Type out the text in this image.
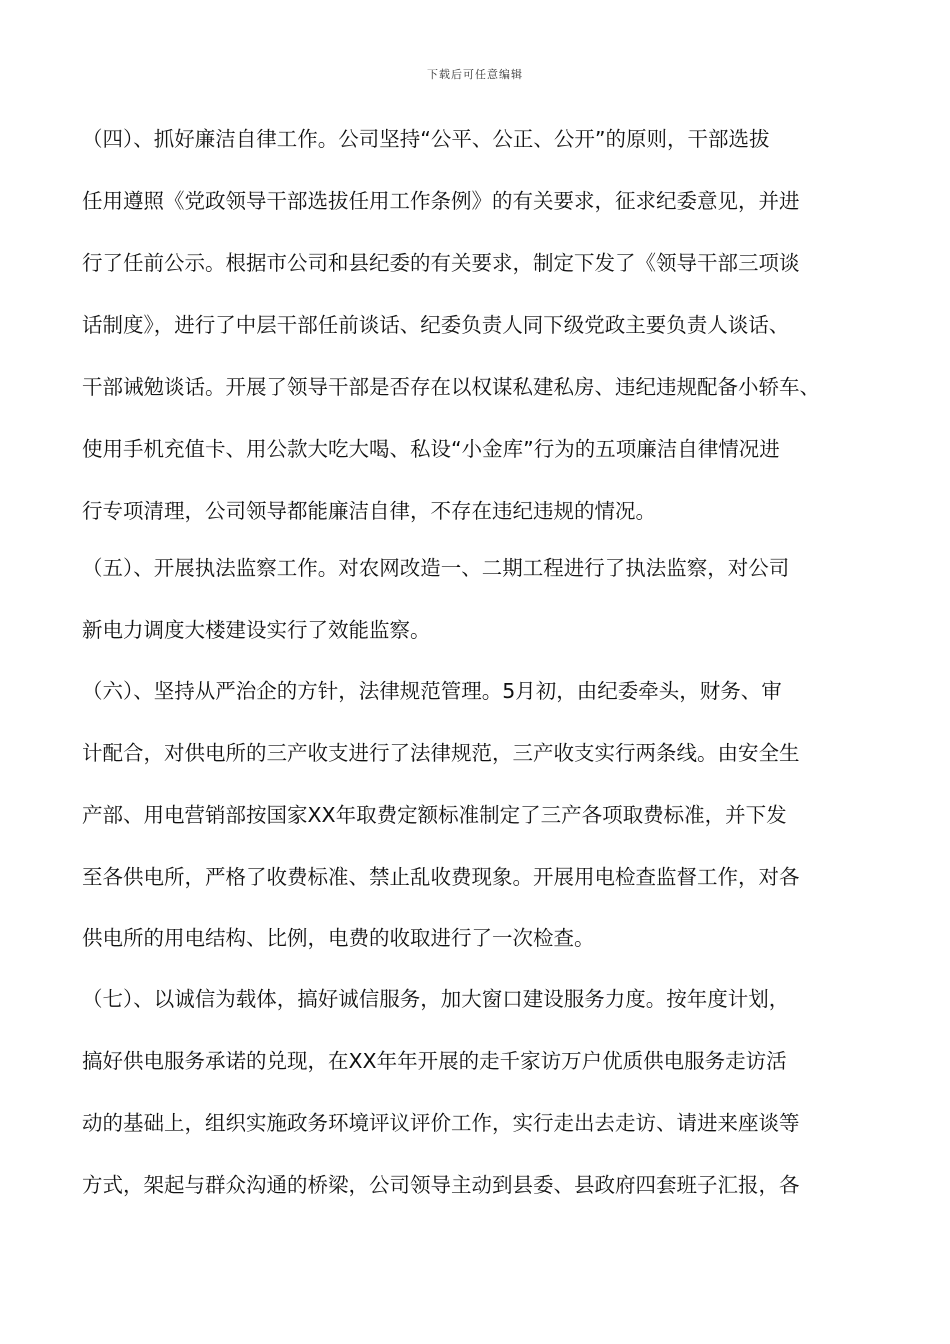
下载后可任意编辑
（四）、抓好廉洁自律工作。公司坚持“公平、公正、公开”的原则，干部选拔
任用遵照《党政领导干部选拔任用工作条例》的有关要求，征求纪委意见，并进
行了任前公示。根据市公司和县纪委的有关要求，制定下发了《领导干部三项谈
话制度》，进行了中层干部任前谈话、纪委负责人同下级党政主要负责人谈话、
干部诫勉谈话。开展了领导干部是否存在以权谋私建私房、违纪违规配备小轿车、
使用手机充值卡、用公款大吃大喝、私设“小金库”行为的五项廉洁自律情况进
行专项清理，公司领导都能廉洁自律，不存在违纪违规的情况。
（五）、开展执法监察工作。对农网改造一、二期工程进行了执法监察，对公司
新电力调度大楼建设实行了效能监察。
（六）、坚持从严治企的方针，法律规范管理。5月初，由纪委牵头，财务、审
计配合，对供电所的三产收支进行了法律规范，三产收支实行两条线。由安全生
产部、用电营销部按国家XX年取费定额标准制定了三产各项取费标准，并下发
至各供电所，严格了收费标准、禁止乱收费现象。开展用电检查监督工作，对各
供电所的用电结构、比例，电费的收取进行了一次检查。
（七）、以诚信为载体，搞好诚信服务，加大窗口建设服务力度。按年度计划，
搞好供电服务承诺的兑现，在XX年年开展的走千家访万户优质供电服务走访活
动的基础上，组织实施政务环境评议评价工作，实行走出去走访、请进来座谈等
方式，架起与群众沟通的桥梁，公司领导主动到县委、县政府四套班子汇报，各
